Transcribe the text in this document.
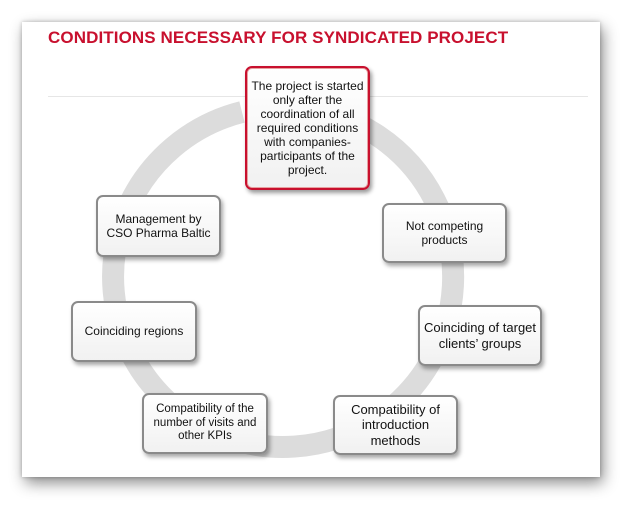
CONDITIONS NECESSARY FOR SYNDICATED PROJECT
The project is started only after the coordination of all required conditions with companies-participants of the project.
Not competing products
Coinciding of target clients’ groups
Compatibility of introduction methods
Compatibility of the number of visits and other KPIs
Coinciding regions
Management by CSO Pharma Baltic
